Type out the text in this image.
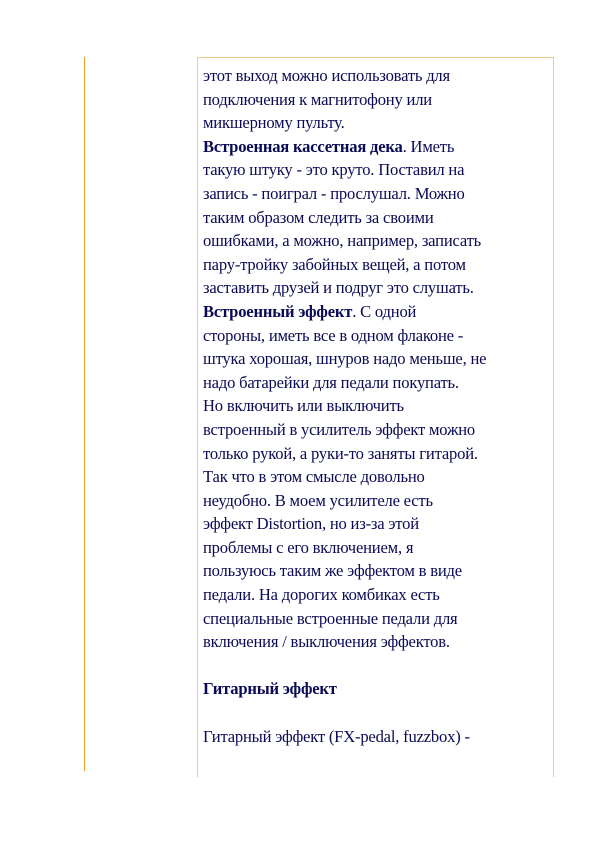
этот выход можно использовать для
подключения к магнитофону или
микшерному пульту.

Встроенная кассетная дека. Иметь
такую штуку - это круто. Поставил на
запись - поиграл - прослушал. Можно
таким образом следить за своими
ошибками, а можно, например, записать
пару-тройку забойных вещей, а потом
заставить друзей и подруг это слушать.

Встроенный эффект. С одной
стороны, иметь все в одном флаконе -
штука хорошая, шнуров надо меньше, не
надо батарейки для педали покупать.
Но включить или выключить
встроенный в усилитель эффект можно
только рукой, а руки-то заняты гитарой.
Так что в этом смысле довольно
неудобно. В моем усилителе есть
эффект Distortion, но из-за этой
проблемы с его включением, я
пользуюсь таким же эффектом в виде
педали. На дорогих комбиках есть
специальные встроенные педали для
включения / выключения эффектов.

Гитарный эффект

Гитарный эффект (FX-pedal, fuzzbox) -
